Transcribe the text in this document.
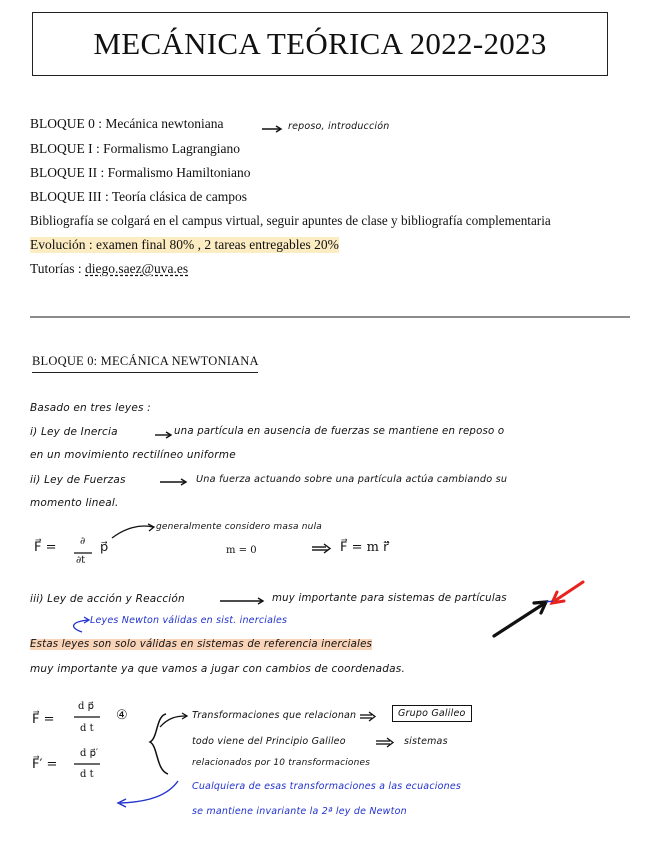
MECÁNICA TEÓRICA 2022-2023
BLOQUE 0 : Mecánica newtoniana	reposo, introducción
BLOQUE I : Formalismo Lagrangiano
BLOQUE II : Formalismo Hamiltoniano
BLOQUE III : Teoría clásica de campos
Bibliografía se colgará en el campus virtual, seguir apuntes de clase y bibliografía complementaria
Evolución : examen final 80% , 2 tareas entregables 20%
Tutorías : diego.saez@uva.es
BLOQUE 0: MECÁNICA NEWTONIANA
Basado en tres leyes :
i) Ley de Inercia	una partícula en ausencia de fuerzas se mantiene en reposo o
en un movimiento rectilíneo uniforme
ii) Ley de Fuerzas	Una fuerza actuando sobre una partícula actúa cambiando su
momento lineal.
generalmente considero masa nula
F⃗ = ∂
∂t
p⃗	m = 0	F⃗ = m r̈⃗
iii) Ley de acción y Reacción	muy importante para sistemas de partículas
Leyes Newton válidas en sist. inerciales
Estas leyes son solo válidas en sistemas de referencia inerciales
muy importante ya que vamos a jugar con cambios de coordenadas.
F⃗ =
d p⃗
d t
④
F⃗′ =
d p⃗′
d t
Transformaciones que relacionan	Grupo Galileo
todo viene del Principio Galileo	sistemas
relacionados por 10 transformaciones
Cualquiera de esas transformaciones a las ecuaciones
se mantiene invariante la 2ª ley de Newton
